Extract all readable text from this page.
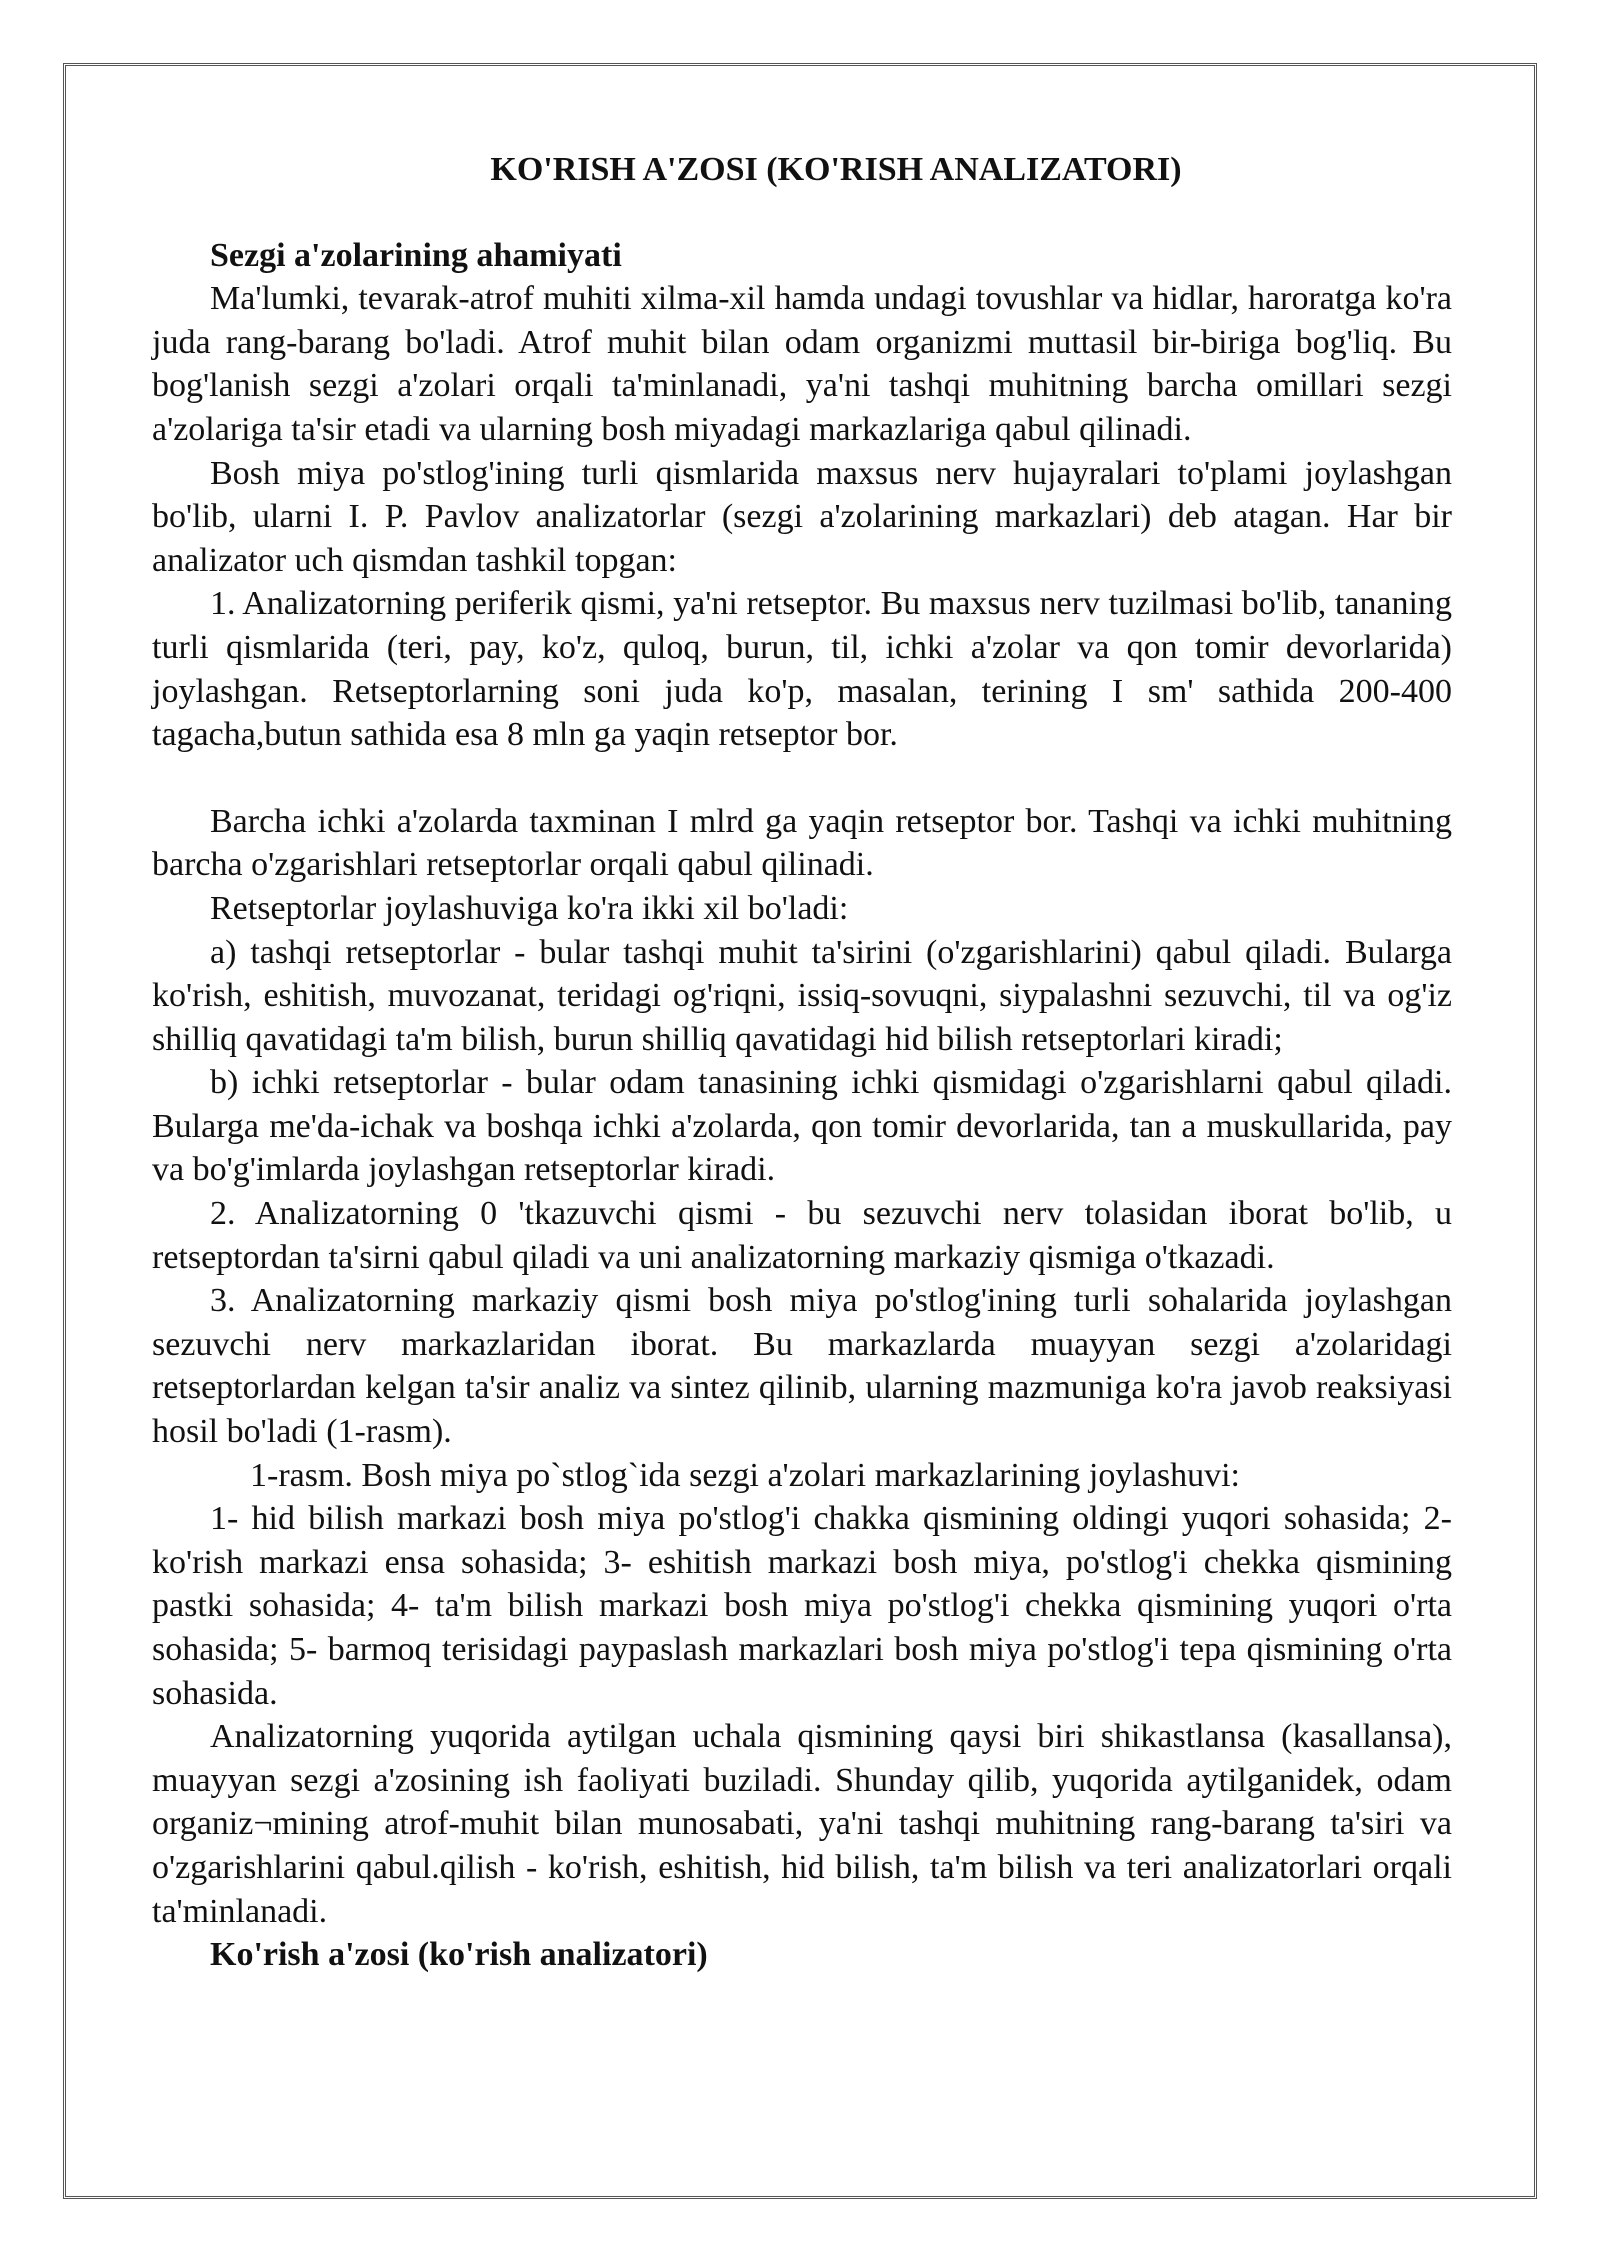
KO'RISH A'ZOSI (KO'RISH ANALIZATORI)
Sezgi a'zolarining ahamiyati
Ma'lumki, tevarak-atrof muhiti xilma-xil hamda undagi tovushlar va hidlar, haroratga ko'ra juda rang-barang bo'ladi. Atrof muhit bilan odam organizmi muttasil bir-biriga bog'liq. Bu bog'lanish sezgi a'zolari orqali ta'minlanadi, ya'ni tashqi muhitning barcha omillari sezgi a'zolariga ta'sir etadi va ularning bosh miyadagi markazlariga qabul qilinadi.
Bosh miya po'stlog'ining turli qismlarida maxsus nerv hujayralari to'plami joylashgan bo'lib, ularni I. P. Pavlov analizatorlar (sezgi a'zolarining markazlari) deb atagan. Har bir analizator uch qismdan tashkil topgan:
1. Analizatorning periferik qismi, ya'ni retseptor. Bu maxsus nerv tuzilmasi bo'lib, tananing turli qismlarida (teri, pay, ko'z, quloq, burun, til, ichki a'zolar va qon tomir devorlarida) joylashgan. Retseptorlarning soni juda ko'p, masalan, terining I sm' sathida 200-400 tagacha,butun sathida esa 8 mln ga yaqin retseptor bor.
Barcha ichki a'zolarda taxminan I mlrd ga yaqin retseptor bor. Tashqi va ichki muhitning barcha o'zgarishlari retseptorlar orqali qabul qilinadi.
Retseptorlar joylashuviga ko'ra ikki xil bo'ladi:
a) tashqi retseptorlar - bular tashqi muhit ta'sirini (o'zgarishlarini) qabul qiladi. Bularga ko'rish, eshitish, muvozanat, teridagi og'riqni, issiq-sovuqni, siypalashni sezuvchi, til va og'iz shilliq qavatidagi ta'm bilish, burun shilliq qavatidagi hid bilish retseptorlari kiradi;
b) ichki retseptorlar - bular odam tanasining ichki qismidagi o'zgarishlarni qabul qiladi. Bularga me'da-ichak va boshqa ichki a'zolarda, qon tomir devorlarida, tan a muskullarida, pay va bo'g'imlarda joylashgan retseptorlar kiradi.
2. Analizatorning 0 'tkazuvchi qismi - bu sezuvchi nerv tolasidan iborat bo'lib, u retseptordan ta'sirni qabul qiladi va uni analizatorning markaziy qismiga o'tkazadi.
3. Analizatorning markaziy qismi bosh miya po'stlog'ining turli sohalarida joylashgan sezuvchi nerv markazlaridan iborat. Bu markazlarda muayyan sezgi a'zolaridagi retseptorlardan kelgan ta'sir analiz va sintez qilinib, ularning mazmuniga ko'ra javob reaksiyasi hosil bo'ladi (1-rasm).
1-rasm. Bosh miya po`stlog`ida sezgi a'zolari markazlarining joylashuvi:
1- hid bilish markazi bosh miya po'stlog'i chakka qismining oldingi yuqori sohasida; 2- ko'rish markazi ensa sohasida; 3- eshitish markazi bosh miya, po'stlog'i chekka qismining pastki sohasida; 4- ta'm bilish markazi bosh miya po'stlog'i chekka qismining yuqori o'rta sohasida; 5- barmoq terisidagi paypaslash markazlari bosh miya po'stlog'i tepa qismining o'rta sohasida.
Analizatorning yuqorida aytilgan uchala qismining qaysi biri shikastlansa (kasallansa), muayyan sezgi a'zosining ish faoliyati buziladi. Shunday qilib, yuqorida aytilganidek, odam organiz¬mining atrof-muhit bilan munosabati, ya'ni tashqi muhitning rang-barang ta'siri va o'zgarishlarini qabul.qilish - ko'rish, eshitish, hid bilish, ta'm bilish va teri analizatorlari orqali ta'minlanadi.
Ko'rish a'zosi (ko'rish analizatori)
